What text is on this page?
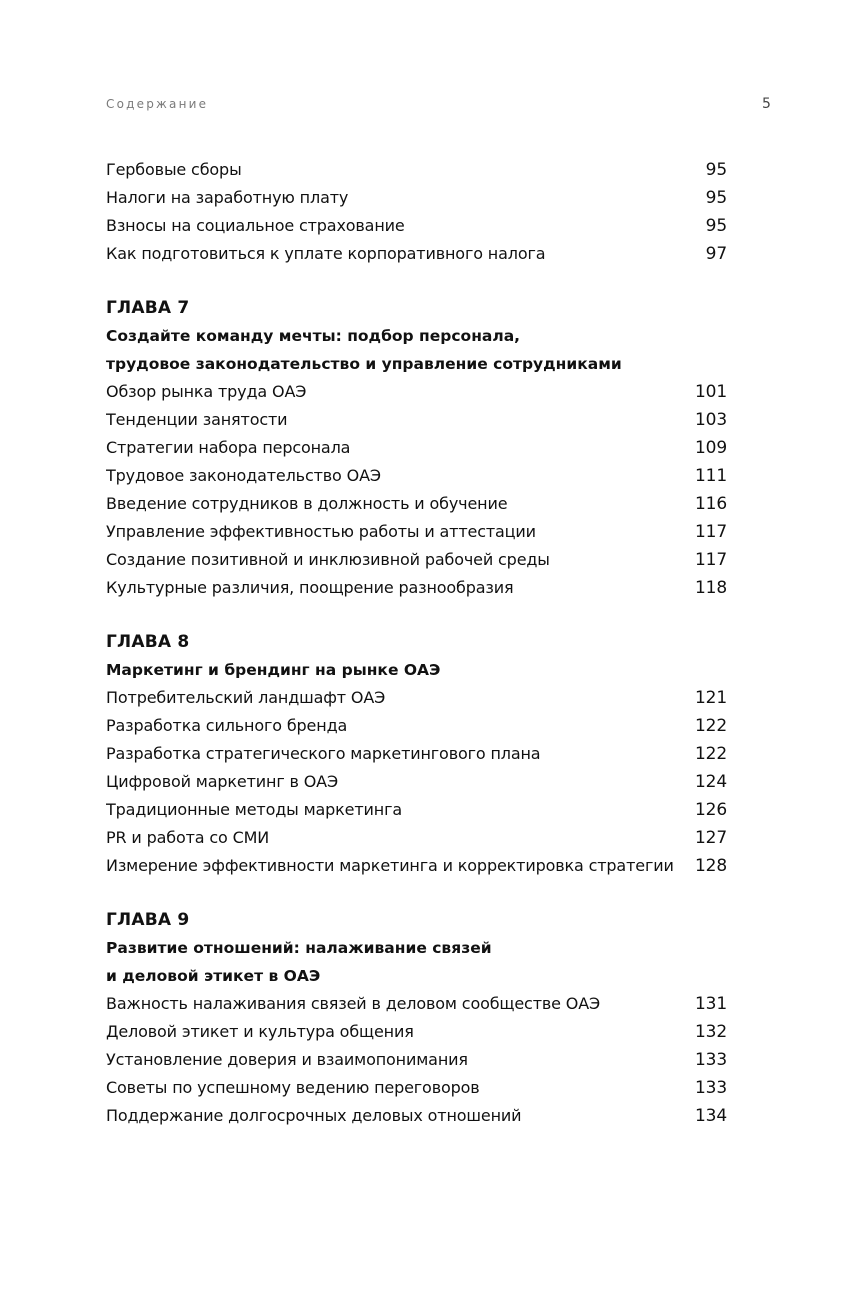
Содержание	5
Гербовые сборы	95
Налоги на заработную плату	95
Взносы на социальное страхование	95
Как подготовиться к уплате корпоративного налога	97
ГЛАВА 7
Создайте команду мечты: подбор персонала,
трудовое законодательство и управление сотрудниками
Обзор рынка труда ОАЭ	101
Тенденции занятости	103
Стратегии набора персонала	109
Трудовое законодательство ОАЭ	111
Введение сотрудников в должность и обучение	116
Управление эффективностью работы и аттестации	117
Создание позитивной и инклюзивной рабочей среды	117
Культурные различия, поощрение разнообразия	118
ГЛАВА 8
Маркетинг и брендинг на рынке ОАЭ
Потребительский ландшафт ОАЭ	121
Разработка сильного бренда	122
Разработка стратегического маркетингового плана	122
Цифровой маркетинг в ОАЭ	124
Традиционные методы маркетинга	126
PR и работа со СМИ	127
Измерение эффективности маркетинга и корректировка стратегии 128
ГЛАВА 9
Развитие отношений: налаживание связей
и деловой этикет в ОАЭ
Важность налаживания связей в деловом сообществе ОАЭ	131
Деловой этикет и культура общения	132
Установление доверия и взаимопонимания	133
Советы по успешному ведению переговоров	133
Поддержание долгосрочных деловых отношений	134
